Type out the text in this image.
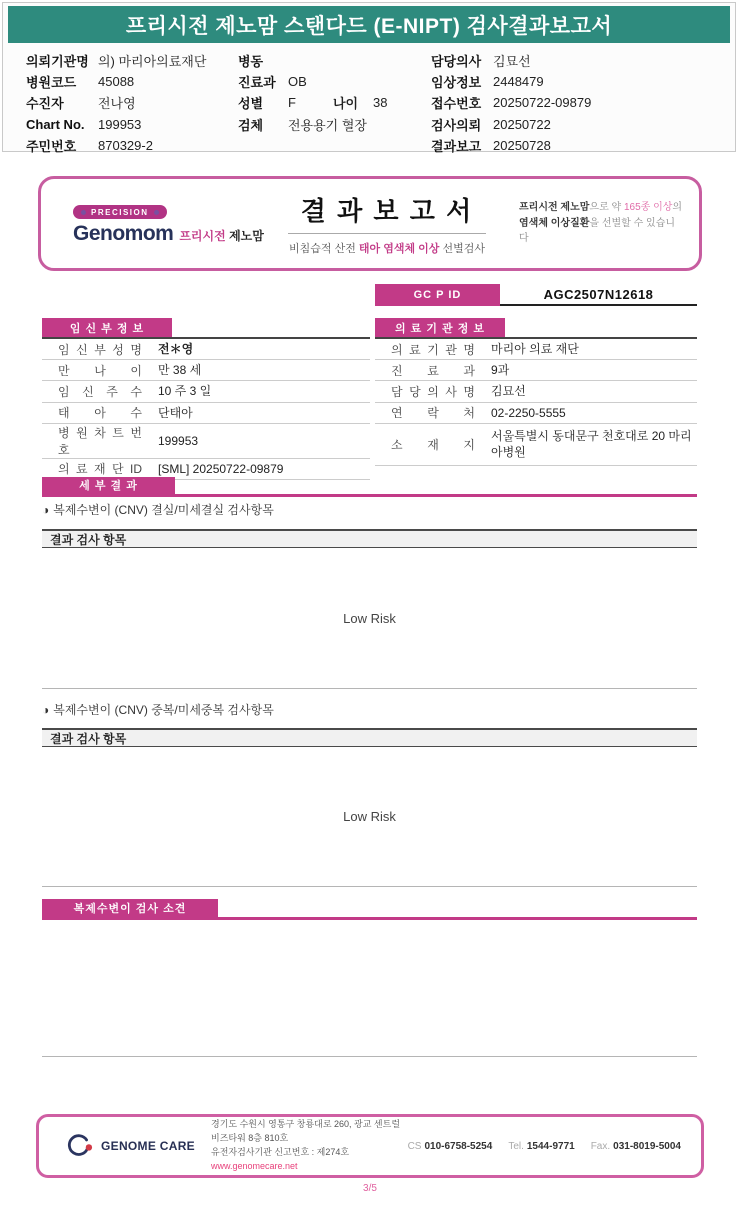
프리시전 제노맘 스탠다드 (E-NIPT) 검사결과보고서
의뢰기관명 의) 마리아의료재단
병원코드	45088
수진자	전나영
Chart No.	199953
주민번호	870329-2
병동
진료과 OB
성별	F	나이	38
검체	전용용기 혈장
담당의사 김묘선
임상정보 2448479
접수번호 20250722-09879
검사의뢰 20250722
결과보고 20250728
PRECISION
Genomom 프리시전 제노맘
결 과 보 고 서
비침습적 산전 태아 염색체 이상 선별검사
프리시전 제노맘으로 약 165종 이상의
염색체 이상질환을 선별할 수 있습니다
GC P ID	AGC2507N12618
임 신 부 정 보
임 신 부 성 명	전＊영
만 나 이	만 38 세
임 신 주 수	10 주 3 일
태 아 수	단태아
병 원 차 트 번 호
199953
의 료 재 단 ID	[SML] 20250722-09879
의 료 기 관 정 보
의 료 기 관 명	마리아 의료 재단
진 료 과	9과
담 당 의 사 명	김묘선
연 락 처	02-2250-5555
소 재 지
서울특별시 동대문구 천호대로 20 마리아병원
세 부 결 과
◑ 복제수변이 (CNV) 결실/미세결실 검사항목
결과 검사 항목
Low Risk
◑ 복제수변이 (CNV) 중복/미세중복 검사항목
결과 검사 항목
Low Risk
복제수변이 검사 소견
GENOME CARE
경기도 수원시 영통구 창룡대로 260, 광교 센트럴비즈타워 8층 810호
유전자검사기관 신고번호 : 제274호
www.genomecare.net
CS 010-6758-5254 Tel. 1544-9771 Fax. 031-8019-5004
3/5
